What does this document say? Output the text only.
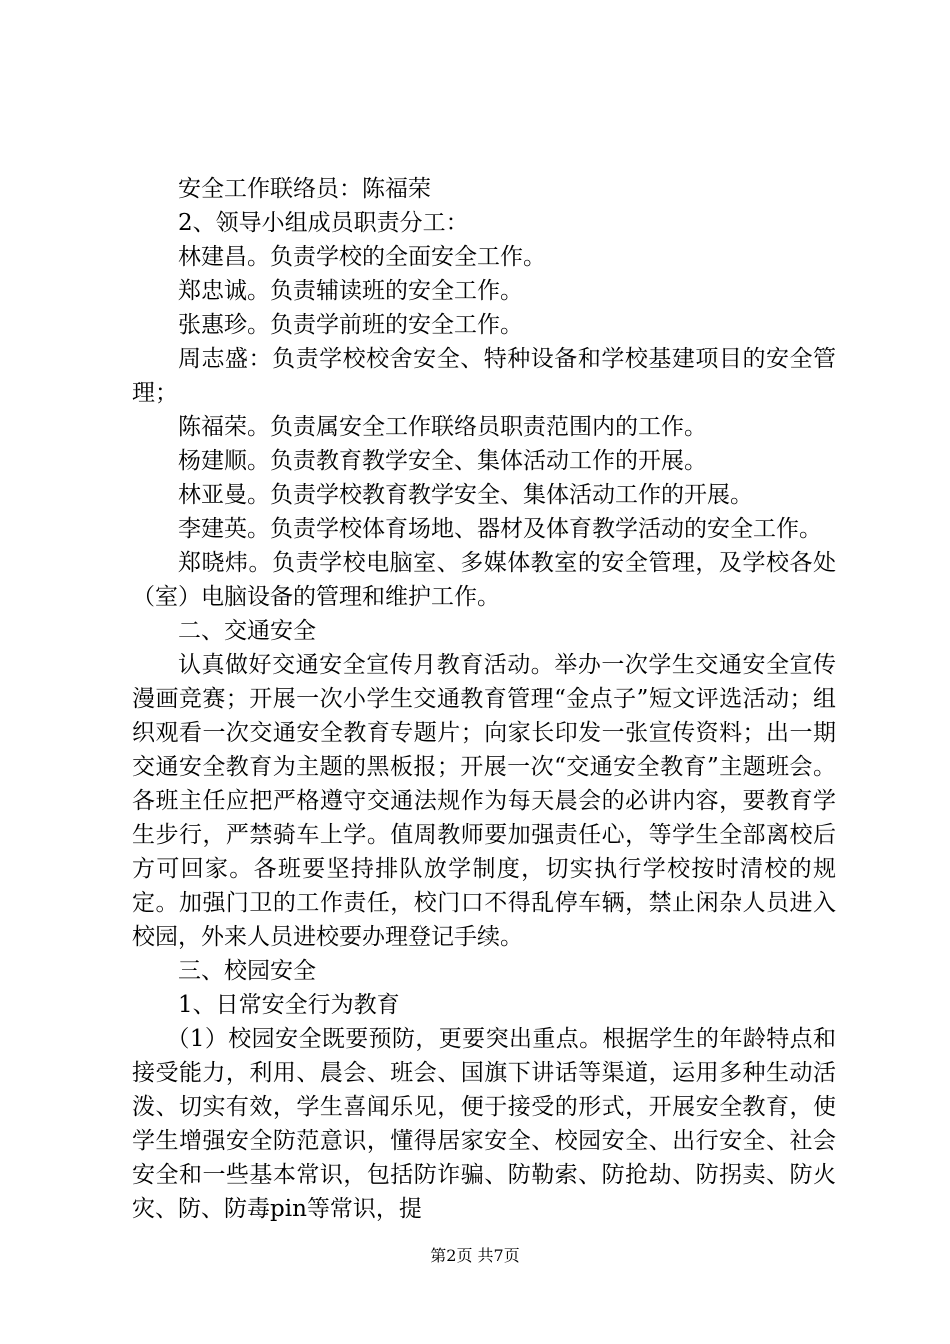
安全工作联络员：陈福荣

2、领导小组成员职责分工：

林建昌。负责学校的全面安全工作。

郑忠诚。负责辅读班的安全工作。

张惠珍。负责学前班的安全工作。

周志盛：负责学校校舍安全、特种设备和学校基建项目的安全管理；

陈福荣。负责属安全工作联络员职责范围内的工作。

杨建顺。负责教育教学安全、集体活动工作的开展。

林亚曼。负责学校教育教学安全、集体活动工作的开展。

李建英。负责学校体育场地、器材及体育教学活动的安全工作。

郑晓炜。负责学校电脑室、多媒体教室的安全管理，及学校各处（室）电脑设备的管理和维护工作。

二、交通安全

认真做好交通安全宣传月教育活动。举办一次学生交通安全宣传漫画竞赛；开展一次小学生交通教育管理“金点子”短文评选活动；组织观看一次交通安全教育专题片；向家长印发一张宣传资料；出一期交通安全教育为主题的黑板报；开展一次“交通安全教育”主题班会。各班主任应把严格遵守交通法规作为每天晨会的必讲内容，要教育学生步行，严禁骑车上学。值周教师要加强责任心，等学生全部离校后方可回家。各班要坚持排队放学制度，切实执行学校按时清校的规定。加强门卫的工作责任，校门口不得乱停车辆，禁止闲杂人员进入校园，外来人员进校要办理登记手续。

三、校园安全

1、日常安全行为教育

（1）校园安全既要预防，更要突出重点。根据学生的年龄特点和接受能力，利用、晨会、班会、国旗下讲话等渠道，运用多种生动活泼、切实有效，学生喜闻乐见，便于接受的形式，开展安全教育，使学生增强安全防范意识，懂得居家安全、校园安全、出行安全、社会安全和一些基本常识，包括防诈骗、防勒索、防抢劫、防拐卖、防火灾、防、防毒pin等常识，提

第2页 共7页
